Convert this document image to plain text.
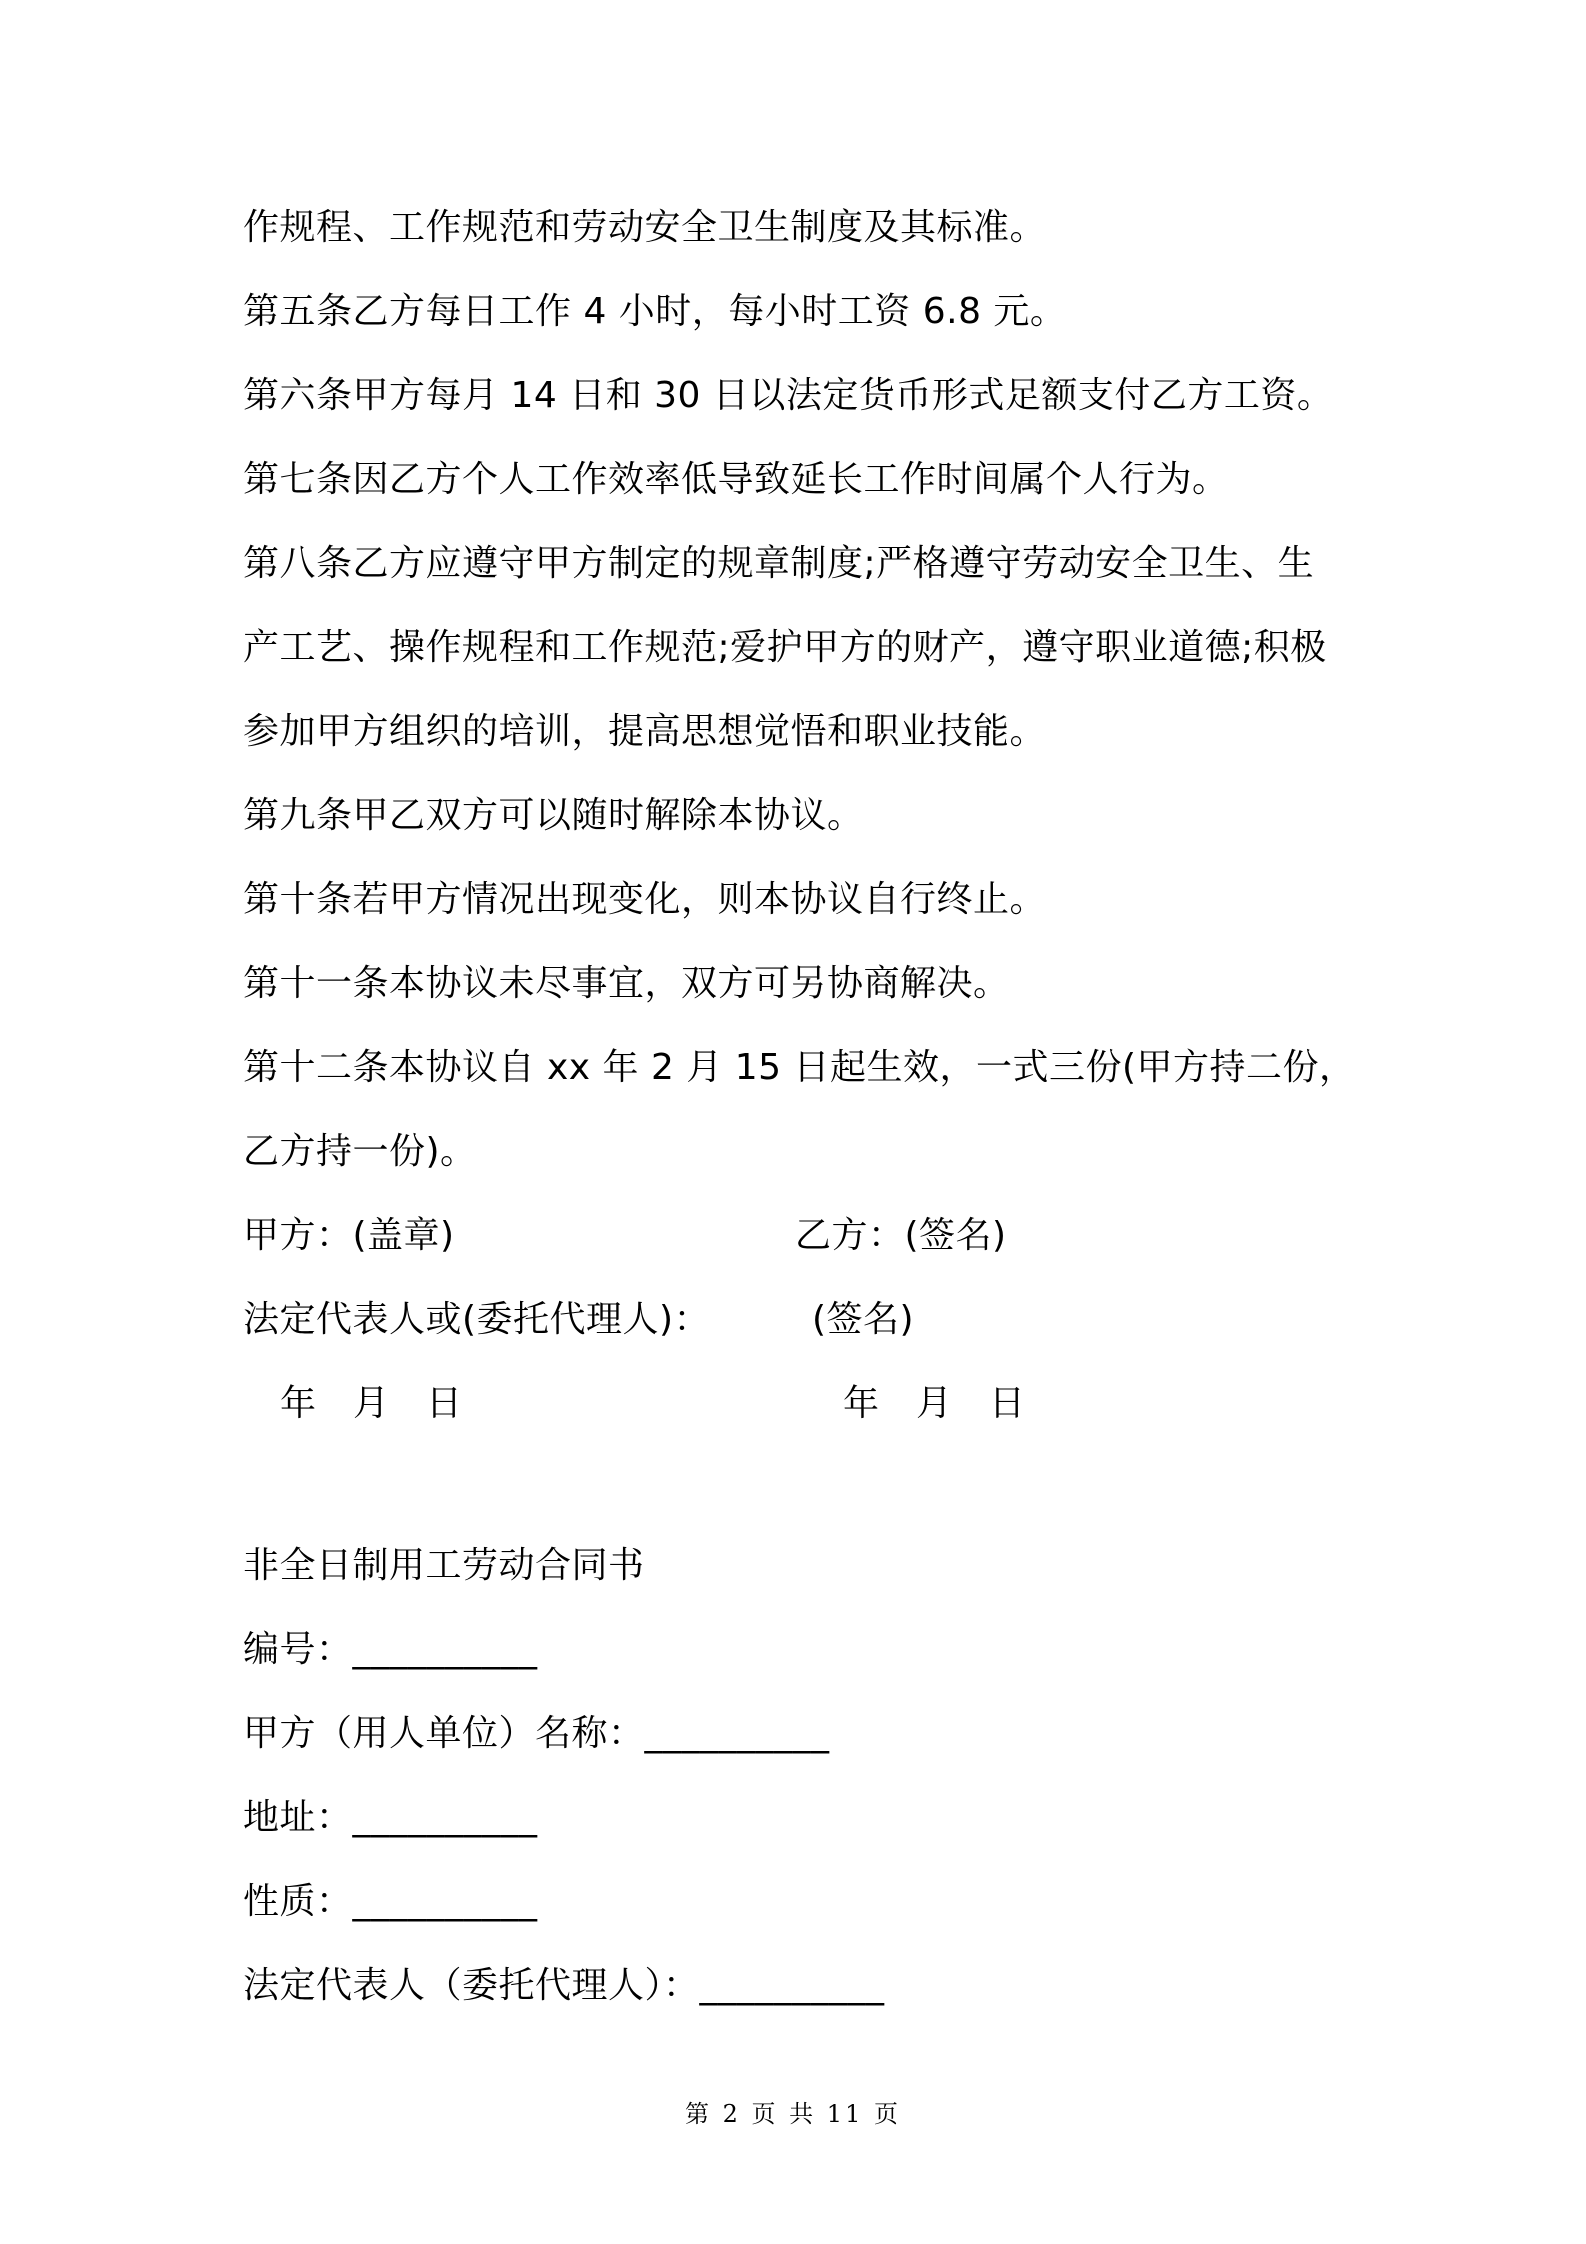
作规程、工作规范和劳动安全卫生制度及其标准。
第五条乙方每日工作 4 小时，每小时工资 6.8 元。
第六条甲方每月 14 日和 30 日以法定货币形式足额支付乙方工资。
第七条因乙方个人工作效率低导致延长工作时间属个人行为。
第八条乙方应遵守甲方制定的规章制度;严格遵守劳动安全卫生、生
产工艺、操作规程和工作规范;爱护甲方的财产，遵守职业道德;积极
参加甲方组织的培训，提高思想觉悟和职业技能。
第九条甲乙双方可以随时解除本协议。
第十条若甲方情况出现变化，则本协议自行终止。
第十一条本协议未尽事宜，双方可另协商解决。
第十二条本协议自 xx 年 2 月 15 日起生效，一式三份(甲方持二份，
乙方持一份)。
甲方：(盖章)	乙方：(签名)
法定代表人或(委托代理人)：	(签名)
年　月　日	年　月　日
非全日制用工劳动合同书
编号：__________
甲方（用人单位）名称：__________
地址：__________
性质：__________
法定代表人（委托代理人）：__________
第 2 页 共 11 页
